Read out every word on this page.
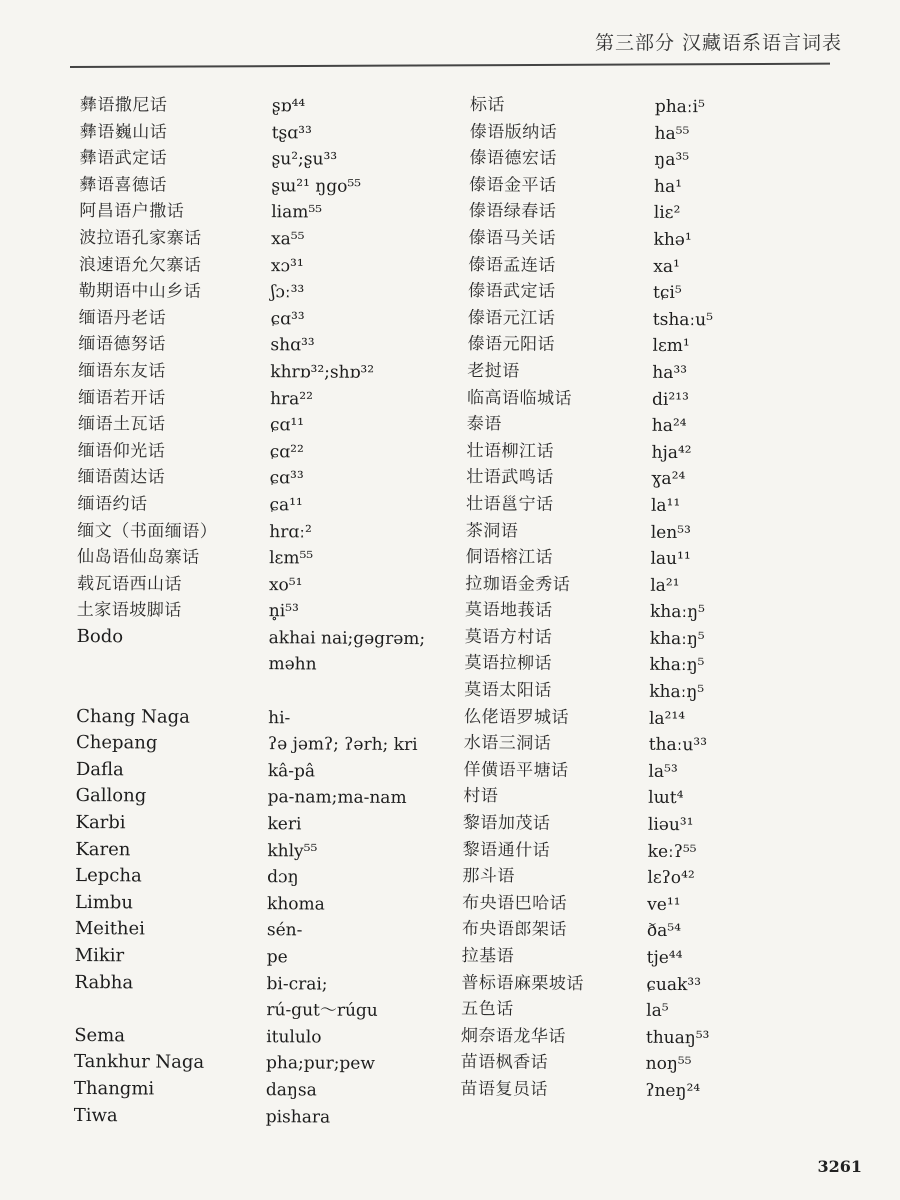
第三部分 汉藏语系语言词表
彝语撒尼话	ʂɒ⁴⁴
彝语巍山话	tʂɑ³³
彝语武定话	ʂu²;ʂu³³
彝语喜德话	ʂɯ²¹ ŋgo⁵⁵
阿昌语户撒话	liam⁵⁵
波拉语孔家寨话	xa⁵⁵
浪速语允欠寨话	xɔ³¹
勒期语中山乡话	ʃɔː³³
缅语丹老话	ɕɑ³³
缅语德努话	shɑ³³
缅语东友话	khrɒ³²;shɒ³²
缅语若开话	hra²²
缅语土瓦话	ɕɑ¹¹
缅语仰光话	ɕɑ²²
缅语茵达话	ɕɑ³³
缅语约话	ɕa¹¹
缅文（书面缅语）	hrɑː²
仙岛语仙岛寨话	lɛm⁵⁵
载瓦语西山话	xo⁵¹
土家语坡脚话	n̥i⁵³
Bodo	akhai nai;gəgrəm;
məhn
Chang Naga	hi-
Chepang	ʔə jəmʔ; ʔərh; kri
Dafla	kâ-pâ
Gallong	pa-nam;ma-nam
Karbi	keri
Karen	khly⁵⁵
Lepcha	dɔŋ
Limbu	khoma
Meithei	sén-
Mikir	pe
Rabha	bi-crai;
rú-gut～rúgu
Sema	itululo
Tankhur Naga	pha;pur;pew
Thangmi	daŋsa
Tiwa	pishara
标话	phaːi⁵
傣语版纳话	ha⁵⁵
傣语德宏话	ŋa³⁵
傣语金平话	ha¹
傣语绿春话	liɛ²
傣语马关话	khə¹
傣语孟连话	xa¹
傣语武定话	tɕi⁵
傣语元江话	tshaːu⁵
傣语元阳话	lɛm¹
老挝语	ha³³
临高语临城话	di²¹³
泰语	ha²⁴
壮语柳江话	hja⁴²
壮语武鸣话	ɣa²⁴
壮语邕宁话	la¹¹
茶洞语	len⁵³
侗语榕江话	lau¹¹
拉珈语金秀话	la²¹
莫语地莪话	khaːŋ⁵
莫语方村话	khaːŋ⁵
莫语拉柳话	khaːŋ⁵
莫语太阳话	khaːŋ⁵
仫佬语罗城话	la²¹⁴
水语三洞话	thaːu³³
佯僙语平塘话	la⁵³
村语	lɯt⁴
黎语加茂话	liəu³¹
黎语通什话	keːʔ⁵⁵
那斗语	lɛʔo⁴²
布央语巴哈话	ve¹¹
布央语郎架话	ða⁵⁴
拉基语	tje⁴⁴
普标语麻栗坡话	ɕuak³³
五色话	la⁵
炯奈语龙华话	thuaŋ⁵³
苗语枫香话	noŋ⁵⁵
苗语复员话	ʔneŋ²⁴
3261
